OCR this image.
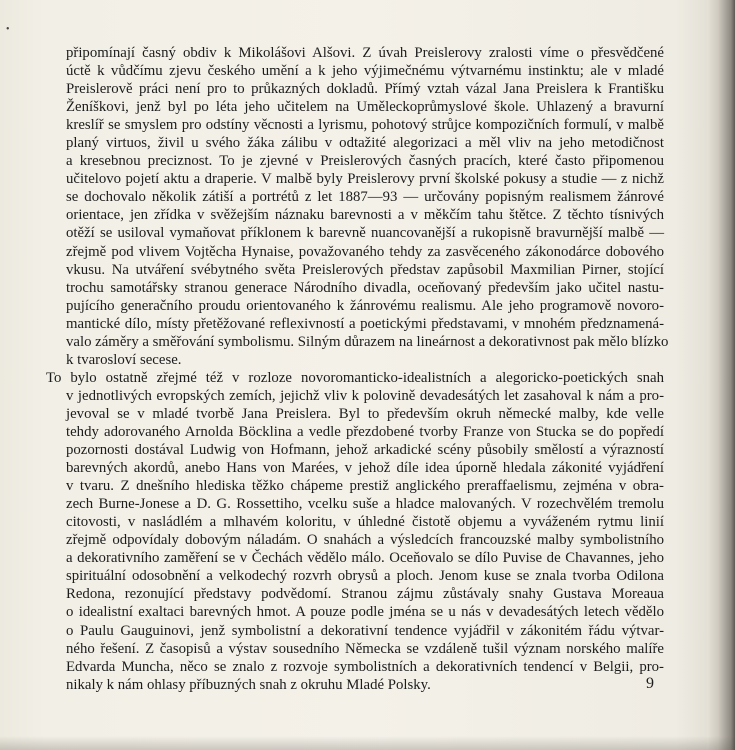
•
připomínají časný obdiv k Mikolášovi Alšovi. Z úvah Preislerovy zralosti víme o přesvědčené
úctě k vůdčímu zjevu českého umění a k jeho výjimečnému výtvarnému instinktu; ale v mladé
Preislerově práci není pro to průkazných dokladů. Přímý vztah vázal Jana Preislera k Františku
Ženíškovi, jenž byl po léta jeho učitelem na Uměleckoprůmyslové škole. Uhlazený a bravurní
kreslíř se smyslem pro odstíny věcnosti a lyrismu, pohotový strůjce kompozičních formulí, v malbě
planý virtuos, živil u svého žáka zálibu v odtažité alegorizaci a měl vliv na jeho metodičnost
a kresebnou preciznost. To je zjevné v Preislerových časných pracích, které často připomenou
učitelovo pojetí aktu a draperie. V malbě byly Preislerovy první školské pokusy a studie — z nichž
se dochovalo několik zátiší a portrétů z let 1887—93 — určovány popisným realismem žánrové
orientace, jen zřídka v svěžejším náznaku barevnosti a v měkčím tahu štětce. Z těchto tísnivých
otěží se usiloval vymaňovat příklonem k barevně nuancovanější a rukopisně bravurnější malbě —
zřejmě pod vlivem Vojtěcha Hynaise, považovaného tehdy za zasvěceného zákonodárce dobového
vkusu. Na utváření svébytného světa Preislerových představ zapůsobil Maxmilian Pirner, stojící
trochu samotářsky stranou generace Národního divadla, oceňovaný především jako učitel nastu-
pujícího generačního proudu orientovaného k žánrovému realismu. Ale jeho programově novoro-
mantické dílo, místy přetěžované reflexivností a poetickými představami, v mnohém předznamená-
valo záměry a směřování symbolismu. Silným důrazem na lineárnost a dekorativnost pak mělo blízko
k tvarosloví secese.
To bylo ostatně zřejmé též v rozloze novoromanticko-idealistních a alegoricko-poetických snah
v jednotlivých evropských zemích, jejichž vliv k polovině devadesátých let zasahoval k nám a pro-
jevoval se v mladé tvorbě Jana Preislera. Byl to především okruh německé malby, kde velle
tehdy adorovaného Arnolda Böcklina a vedle přezdobené tvorby Franze von Stucka se do popředí
pozornosti dostával Ludwig von Hofmann, jehož arkadické scény působily smělostí a výrazností
barevných akordů, anebo Hans von Marées, v jehož díle idea úporně hledala zákonité vyjádření
v tvaru. Z dnešního hlediska těžko chápeme prestiž anglického preraffaelismu, zejména v obra-
zech Burne-Jonese a D. G. Rossettiho, vcelku suše a hladce malovaných. V rozechvělém tremolu
citovosti, v nasládlém a mlhavém koloritu, v úhledné čistotě objemu a vyváženém rytmu linií
zřejmě odpovídaly dobovým náladám. O snahách a výsledcích francouzské malby symbolistního
a dekorativního zaměření se v Čechách vědělo málo. Oceňovalo se dílo Puvise de Chavannes, jeho
spirituální odosobnění a velkodechý rozvrh obrysů a ploch. Jenom kuse se znala tvorba Odilona
Redona, rezonující představy podvědomí. Stranou zájmu zůstávaly snahy Gustava Moreaua
o idealistní exaltaci barevných hmot. A pouze podle jména se u nás v devadesátých letech vědělo
o Paulu Gauguinovi, jenž symbolistní a dekorativní tendence vyjádřil v zákonitém řádu výtvar-
ného řešení. Z časopisů a výstav sousedního Německa se vzdáleně tušil význam norského malíře
Edvarda Muncha, něco se znalo z rozvoje symbolistních a dekorativních tendencí v Belgii, pro-
nikaly k nám ohlasy příbuzných snah z okruhu Mladé Polsky.	9
